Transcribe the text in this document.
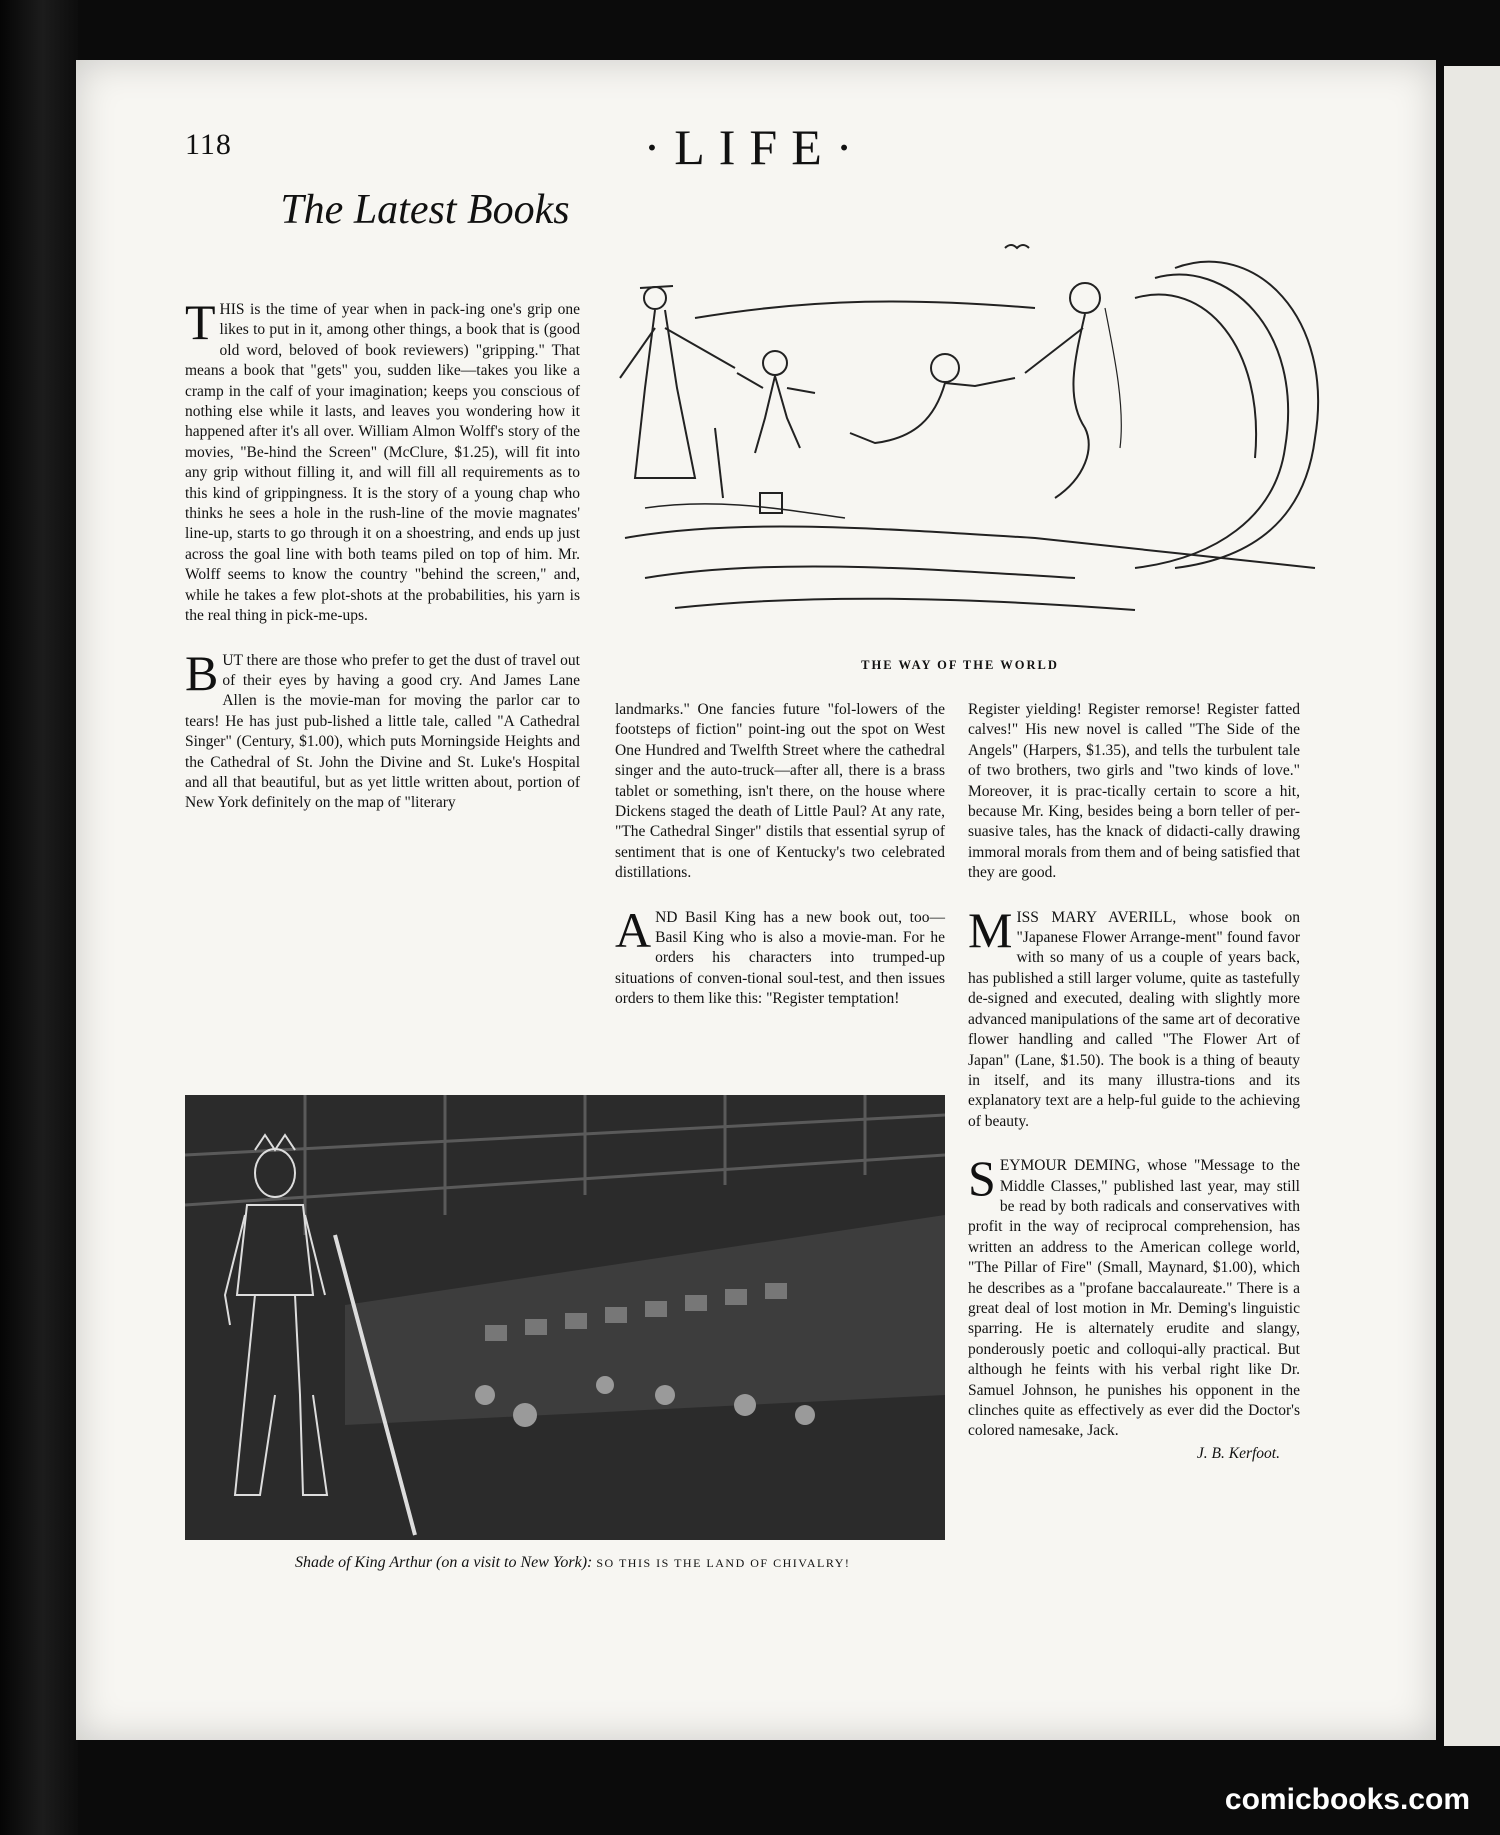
118	·LIFE·
The Latest Books
THE WAY OF THE WORLD

THIS is the time of year when in pack-ing one's grip one likes to put in it, among other things, a book that is (good old word, beloved of book reviewers) "gripping." That means a book that "gets" you, sudden like—takes you like a cramp in the calf of your imagination; keeps you conscious of nothing else while it lasts, and leaves you wondering how it happened after it's all over. William Almon Wolff's story of the movies, "Be-hind the Screen" (McClure, $1.25), will fit into any grip without filling it, and will fill all requirements as to this kind of grippingness. It is the story of a young chap who thinks he sees a hole in the rush-line of the movie magnates' line-up, starts to go through it on a shoestring, and ends up just across the goal line with both teams piled on top of him. Mr. Wolff seems to know the country "behind the screen," and, while he takes a few plot-shots at the probabilities, his yarn is the real thing in pick-me-ups.

BUT there are those who prefer to get the dust of travel out of their eyes by having a good cry. And James Lane Allen is the movie-man for moving the parlor car to tears! He has just pub-lished a little tale, called "A Cathedral Singer" (Century, $1.00), which puts Morningside Heights and the Cathedral of St. John the Divine and St. Luke's Hospital and all that beautiful, but as yet little written about, portion of New York definitely on the map of "literary

landmarks." One fancies future "fol-lowers of the footsteps of fiction" point-ing out the spot on West One Hundred and Twelfth Street where the cathedral singer and the auto-truck—after all, there is a brass tablet or something, isn't there, on the house where Dickens staged the death of Little Paul? At any rate, "The Cathedral Singer" distils that essential syrup of sentiment that is one of Kentucky's two celebrated distillations.

AND Basil King has a new book out, too—Basil King who is also a movie-man. For he orders his characters into trumped-up situations of conven-tional soul-test, and then issues orders to them like this: "Register temptation!

Register yielding! Register remorse! Register fatted calves!" His new novel is called "The Side of the Angels" (Harpers, $1.35), and tells the turbulent tale of two brothers, two girls and "two kinds of love." Moreover, it is prac-tically certain to score a hit, because Mr. King, besides being a born teller of per-suasive tales, has the knack of didacti-cally drawing immoral morals from them and of being satisfied that they are good.

MISS MARY AVERILL, whose book on "Japanese Flower Arrange-ment" found favor with so many of us a couple of years back, has published a still larger volume, quite as tastefully de-signed and executed, dealing with slightly more advanced manipulations of the same art of decorative flower handling and called "The Flower Art of Japan" (Lane, $1.50). The book is a thing of beauty in itself, and its many illustra-tions and its explanatory text are a help-ful guide to the achieving of beauty.

SEYMOUR DEMING, whose "Message to the Middle Classes," published last year, may still be read by both radicals and conservatives with profit in the way of reciprocal comprehension, has written an address to the American college world, "The Pillar of Fire" (Small, Maynard, $1.00), which he describes as a "profane baccalaureate." There is a great deal of lost motion in Mr. Deming's linguistic sparring. He is alternately erudite and slangy, ponderously poetic and colloqui-ally practical. But although he feints with his verbal right like Dr. Samuel Johnson, he punishes his opponent in the clinches quite as effectively as ever did the Doctor's colored namesake, Jack.

J. B. Kerfoot.
Shade of King Arthur (on a visit to New York): SO THIS IS THE LAND OF CHIVALRY!
comicbooks.com
